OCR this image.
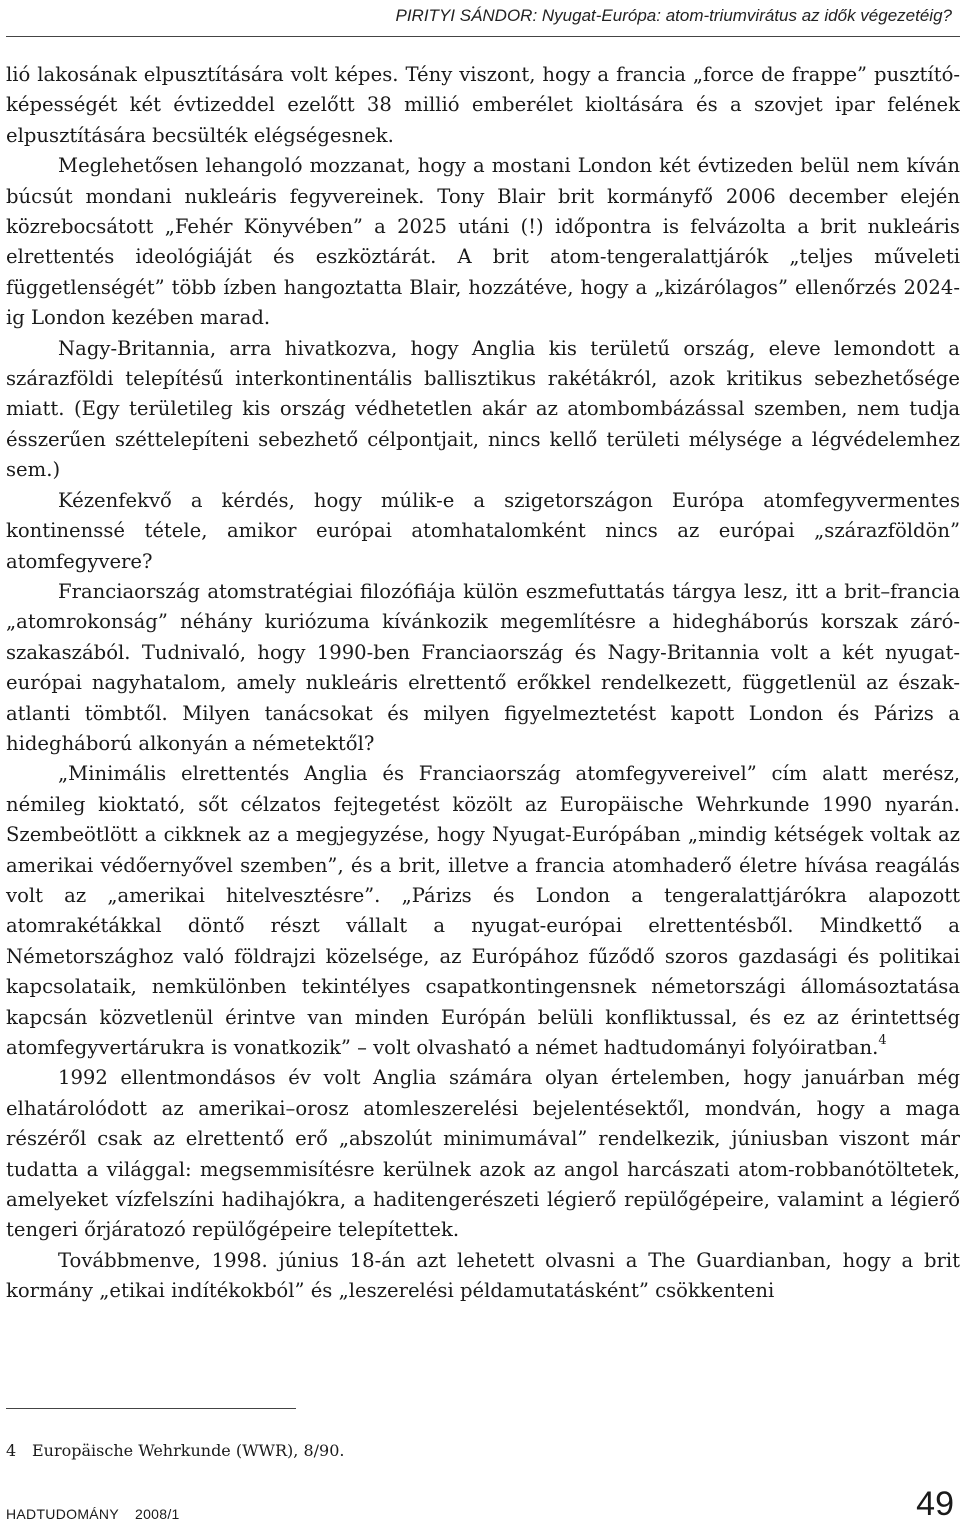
PIRITYI SÁNDOR: Nyugat-Európa: atom-triumvirátus az idők végezetéig?

lió lakosának elpusztítására volt képes. Tény viszont, hogy a francia „force de frappe” pusztító-képességét két évtizeddel ezelőtt 38 millió emberélet kioltására és a szovjet ipar felének elpusztítására becsülték elégségesnek.

Meglehetősen lehangoló mozzanat, hogy a mostani London két évtizeden belül nem kíván búcsút mondani nukleáris fegyvereinek. Tony Blair brit kormányfő 2006 december elején közrebocsátott „Fehér Könyvében” a 2025 utáni (!) időpontra is felvázolta a brit nukleáris elrettentés ideológiáját és eszköztárát. A brit atom-tengeralattjárók „teljes műveleti függetlenségét” több ízben hangoztatta Blair, hozzátéve, hogy a „kizárólagos” ellenőrzés 2024-ig London kezében marad.

Nagy-Britannia, arra hivatkozva, hogy Anglia kis területű ország, eleve lemondott a szárazföldi telepítésű interkontinentális ballisztikus rakétákról, azok kritikus sebezhetősége miatt. (Egy területileg kis ország védhetetlen akár az atombombázással szemben, nem tudja ésszerűen széttelepíteni sebezhető célpontjait, nincs kellő területi mélysége a légvédelemhez sem.)

Kézenfekvő a kérdés, hogy múlik-e a szigetországon Európa atomfegyvermentes kontinenssé tétele, amikor európai atomhatalomként nincs az európai „szárazföldön” atomfegyvere?

Franciaország atomstratégiai filozófiája külön eszmefuttatás tárgya lesz, itt a brit–francia „atomrokonság” néhány kuriózuma kívánkozik megemlítésre a hidegháborús korszak záró-szakaszából. Tudnivaló, hogy 1990-ben Franciaország és Nagy-Britannia volt a két nyugat-európai nagyhatalom, amely nukleáris elrettentő erőkkel rendelkezett, függetlenül az észak-atlanti tömbtől. Milyen tanácsokat és milyen figyelmeztetést kapott London és Párizs a hidegháború alkonyán a németektől?

„Minimális elrettentés Anglia és Franciaország atomfegyvereivel” cím alatt merész, némileg kioktató, sőt célzatos fejtegetést közölt az Europäische Wehrkunde 1990 nyarán. Szembeötlött a cikknek az a megjegyzése, hogy Nyugat-Európában „mindig kétségek voltak az amerikai védőernyővel szemben”, és a brit, illetve a francia atomhaderő életre hívása reagálás volt az „amerikai hitelvesztésre”. „Párizs és London a tengeralattjárókra alapozott atomrakétákkal döntő részt vállalt a nyugat-európai elrettentésből. Mindkettő a Németországhoz való földrajzi közelsége, az Európához fűződő szoros gazdasági és politikai kapcsolataik, nemkülönben tekintélyes csapatkontingensnek németországi állomásoztatása kapcsán közvetlenül érintve van minden Európán belüli konfliktussal, és ez az érintettség atomfegyvertárukra is vonatkozik” – volt olvasható a német hadtudományi folyóiratban.$^4$

1992 ellentmondásos év volt Anglia számára olyan értelemben, hogy januárban még elhatárolódott az amerikai–orosz atomleszerelési bejelentésektől, mondván, hogy a maga részéről csak az elrettentő erő „abszolút minimumával” rendelkezik, júniusban viszont már tudatta a világgal: megsemmisítésre kerülnek azok az angol harcászati atom-robbanótöltetek, amelyeket vízfelszíni hadihajókra, a haditengerészeti légierő repülőgépeire, valamint a légierő tengeri őrjáratozó repülőgépeire telepítettek.

Továbbmenve, 1998. június 18-án azt lehetett olvasni a The Guardianban, hogy a brit kormány „etikai indítékokból” és „leszerelési példamutatásként” csökkenteni

4 Europäische Wehrkunde (WWR), 8/90.
HADTUDOMÁNY 2008/1	49
